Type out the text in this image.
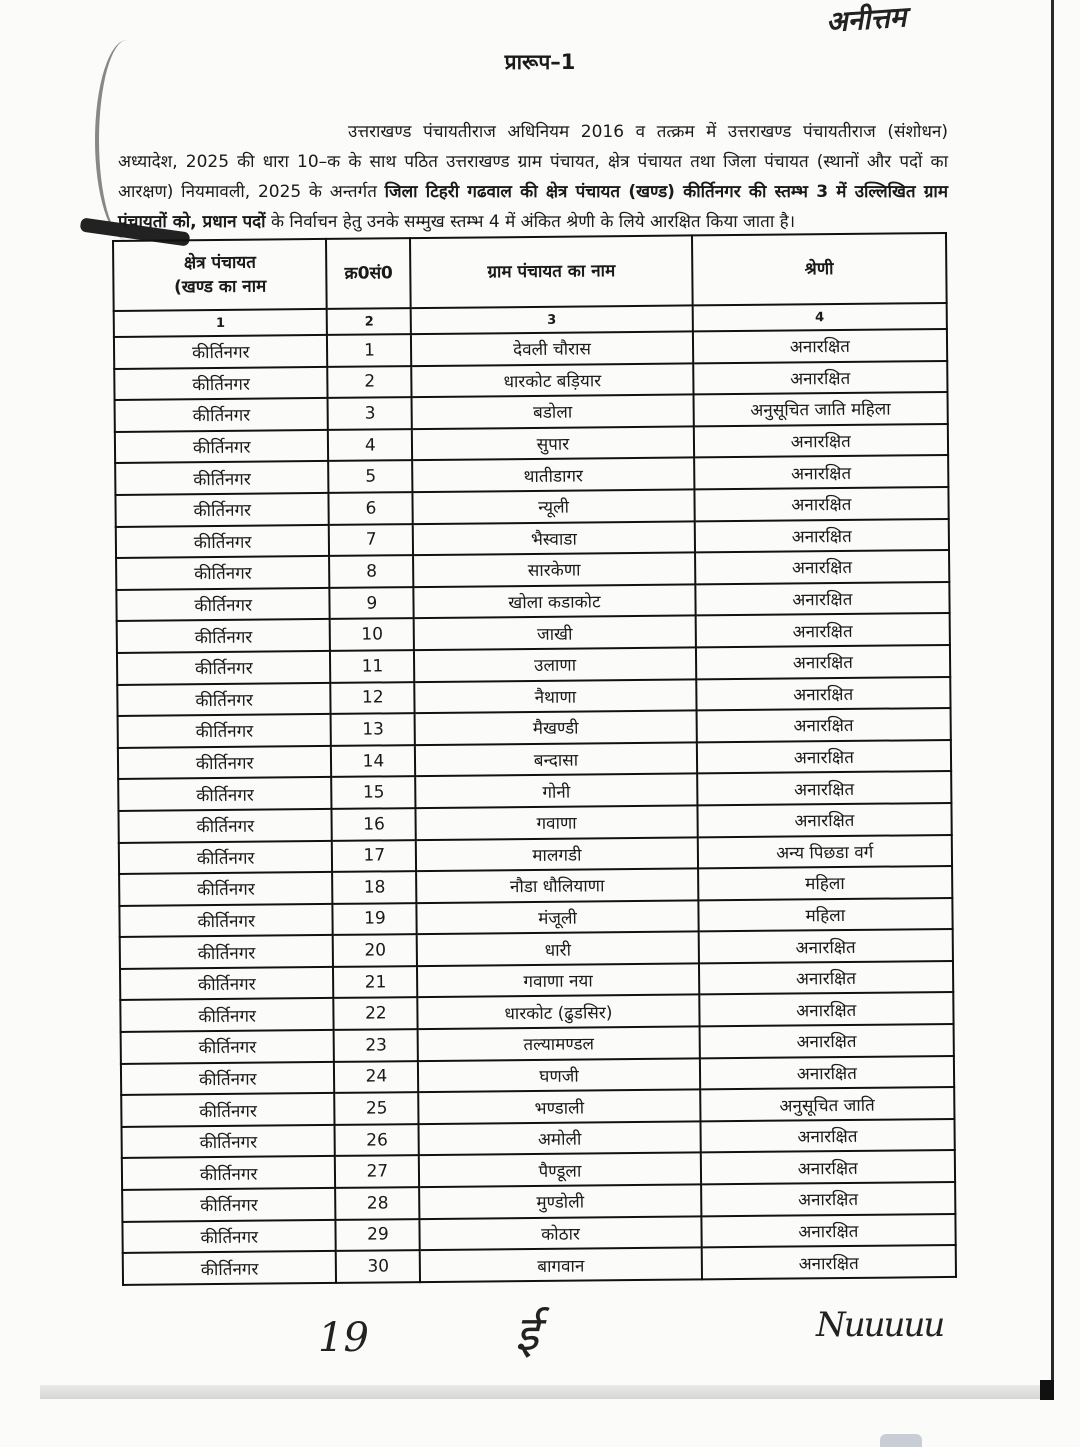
अनीत्तम
प्रारूप–1

उत्तराखण्ड पंचायतीराज अधिनियम 2016 व तत्क्रम में उत्तराखण्ड पंचायतीराज (संशोधन) अध्यादेश, 2025 की धारा 10–क के साथ पठित उत्तराखण्ड ग्राम पंचायत, क्षेत्र पंचायत तथा जिला पंचायत (स्थानों और पदों का आरक्षण) नियमावली, 2025 के अन्तर्गत जिला टिहरी गढवाल की क्षेत्र पंचायत (खण्ड) कीर्तिनगर की स्तम्भ 3 में उल्लिखित ग्राम पंचायतों को, प्रधान पदों के निर्वाचन हेतु उनके सम्मुख स्तम्भ 4 में अंकित श्रेणी के लिये आरक्षित किया जाता है।

क्षेत्र पंचायत
(खण्ड का नाम	क्र0सं0	ग्राम पंचायत का नाम	श्रेणी
1	2	3	4
कीर्तिनगर	1	देवली चौरास	अनारक्षित
कीर्तिनगर	2	धारकोट बड़ियार	अनारक्षित
कीर्तिनगर	3	बडोला	अनुसूचित जाति महिला
कीर्तिनगर	4	सुपार	अनारक्षित
कीर्तिनगर	5	थातीडागर	अनारक्षित
कीर्तिनगर	6	न्यूली	अनारक्षित
कीर्तिनगर	7	भैस्वाडा	अनारक्षित
कीर्तिनगर	8	सारकेणा	अनारक्षित
कीर्तिनगर	9	खोला कडाकोट	अनारक्षित
कीर्तिनगर	10	जाखी	अनारक्षित
कीर्तिनगर	11	उलाणा	अनारक्षित
कीर्तिनगर	12	नैथाणा	अनारक्षित
कीर्तिनगर	13	मैखण्डी	अनारक्षित
कीर्तिनगर	14	बन्दासा	अनारक्षित
कीर्तिनगर	15	गोनी	अनारक्षित
कीर्तिनगर	16	गवाणा	अनारक्षित
कीर्तिनगर	17	मालगडी	अन्य पिछडा वर्ग
कीर्तिनगर	18	नौडा धौलियाणा	महिला
कीर्तिनगर	19	मंजूली	महिला
कीर्तिनगर	20	धारी	अनारक्षित
कीर्तिनगर	21	गवाणा नया	अनारक्षित
कीर्तिनगर	22	धारकोट (ढुडसिर)	अनारक्षित
कीर्तिनगर	23	तल्यामण्डल	अनारक्षित
कीर्तिनगर	24	घणजी	अनारक्षित
कीर्तिनगर	25	भण्डाली	अनुसूचित जाति
कीर्तिनगर	26	अमोली	अनारक्षित
कीर्तिनगर	27	पैण्डूला	अनारक्षित
कीर्तिनगर	28	मुण्डोली	अनारक्षित
कीर्तिनगर	29	कोठार	अनारक्षित
कीर्तिनगर	30	बागवान	अनारक्षित
19	ई	Nuuuuu
